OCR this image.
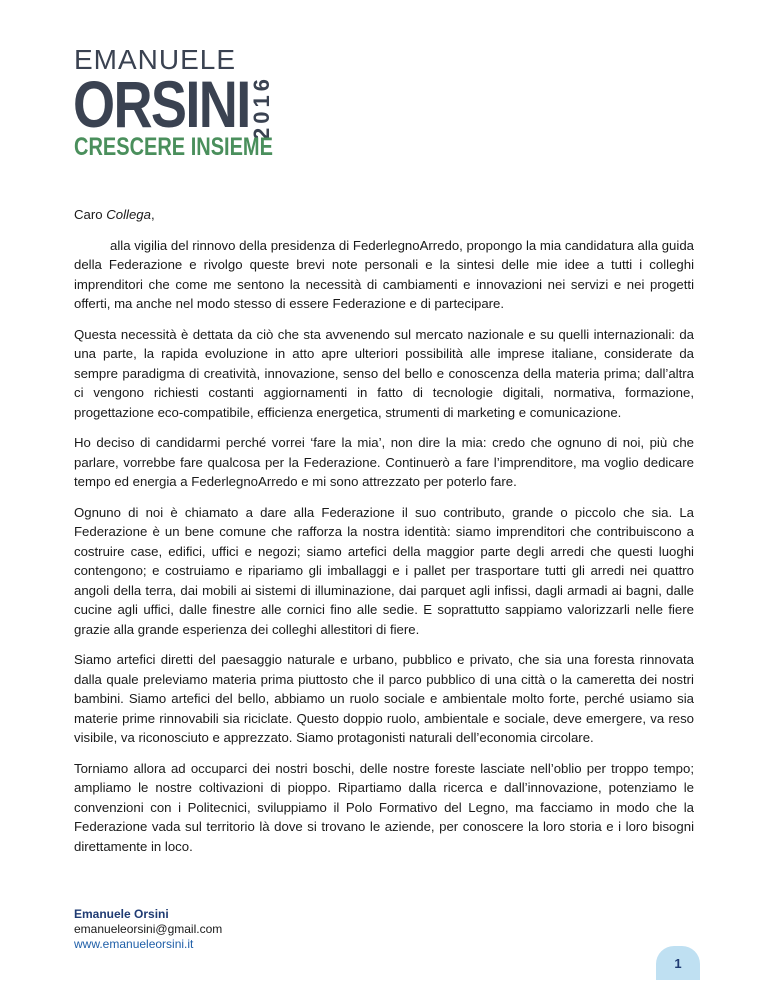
EMANUELE
ORSINI 2016
CRESCERE INSIEME

Caro Collega,

alla vigilia del rinnovo della presidenza di FederlegnoArredo, propongo la mia candidatura alla guida della Federazione e rivolgo queste brevi note personali e la sintesi delle mie idee a tutti i colleghi imprenditori che come me sentono la necessità di cambiamenti e innovazioni nei servizi e nei progetti offerti, ma anche nel modo stesso di essere Federazione e di partecipare.

Questa necessità è dettata da ciò che sta avvenendo sul mercato nazionale e su quelli internazionali: da una parte, la rapida evoluzione in atto apre ulteriori possibilità alle imprese italiane, considerate da sempre paradigma di creatività, innovazione, senso del bello e conoscenza della materia prima; dall’altra ci vengono richiesti costanti aggiornamenti in fatto di tecnologie digitali, normativa, formazione, progettazione eco-compatibile, efficienza energetica, strumenti di marketing e comunicazione.

Ho deciso di candidarmi perché vorrei ‘fare la mia’, non dire la mia: credo che ognuno di noi, più che parlare, vorrebbe fare qualcosa per la Federazione. Continuerò a fare l’imprenditore, ma voglio dedicare tempo ed energia a FederlegnoArredo e mi sono attrezzato per poterlo fare.

Ognuno di noi è chiamato a dare alla Federazione il suo contributo, grande o piccolo che sia. La Federazione è un bene comune che rafforza la nostra identità: siamo imprenditori che contribuiscono a costruire case, edifici, uffici e negozi; siamo artefici della maggior parte degli arredi che questi luoghi contengono; e costruiamo e ripariamo gli imballaggi e i pallet per trasportare tutti gli arredi nei quattro angoli della terra, dai mobili ai sistemi di illuminazione, dai parquet agli infissi, dagli armadi ai bagni, dalle cucine agli uffici, dalle finestre alle cornici fino alle sedie. E soprattutto sappiamo valorizzarli nelle fiere grazie alla grande esperienza dei colleghi allestitori di fiere.

Siamo artefici diretti del paesaggio naturale e urbano, pubblico e privato, che sia una foresta rinnovata dalla quale preleviamo materia prima piuttosto che il parco pubblico di una città o la cameretta dei nostri bambini. Siamo artefici del bello, abbiamo un ruolo sociale e ambientale molto forte, perché usiamo sia materie prime rinnovabili sia riciclate. Questo doppio ruolo, ambientale e sociale, deve emergere, va reso visibile, va riconosciuto e apprezzato. Siamo protagonisti naturali dell’economia circolare.

Torniamo allora ad occuparci dei nostri boschi, delle nostre foreste lasciate nell’oblio per troppo tempo; ampliamo le nostre coltivazioni di pioppo. Ripartiamo dalla ricerca e dall’innovazione, potenziamo le convenzioni con i Politecnici, sviluppiamo il Polo Formativo del Legno, ma facciamo in modo che la Federazione vada sul territorio là dove si trovano le aziende, per conoscere la loro storia e i loro bisogni direttamente in loco.

Emanuele Orsini
emanueleorsini@gmail.com
www.emanueleorsini.it
1
